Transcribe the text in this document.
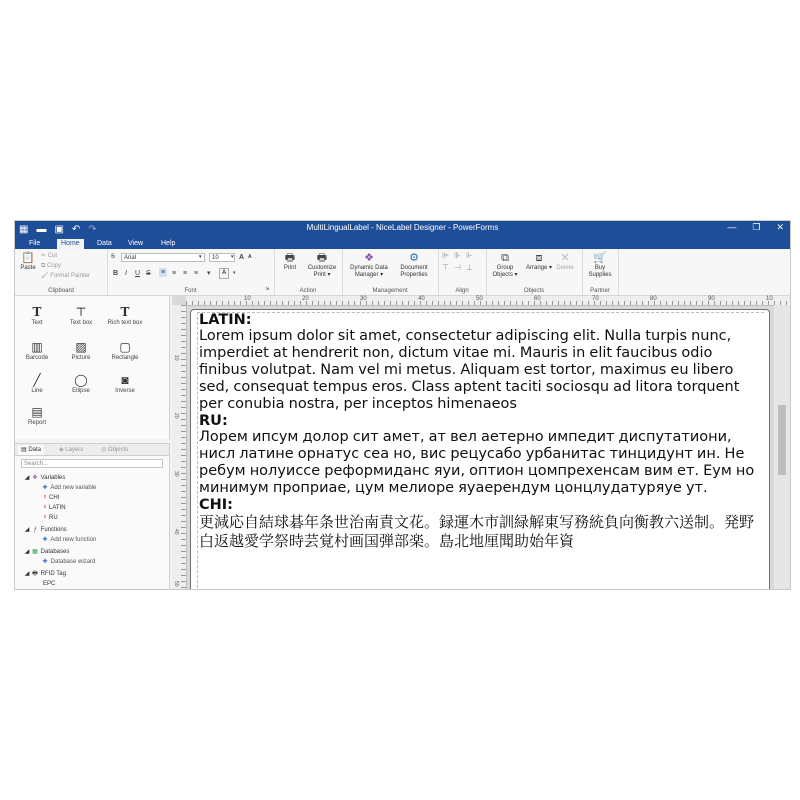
▦ ▬ ▣ ↶ ↷	MultiLingualLabel - NiceLabel Designer - PowerForms	— ❐ ✕
File	Home	Data	View	Help
📋
Paste
✂ Cut
⧉ Copy
🖌 Format Painter
Clipboard
Ꞩ	Arial	▾	10	▾ A A
B I U S ≡ ≡ ≡ ≡ ▾	A	▾
⇲
Font
🖶
Print
🖶
Customize Print ▾
Action
❖
Dynamic Data Manager ▾
⚙
Document Properties
Management
⊫ ⊪ ⊩
⊤ ⊣ ⊥
Align
⧉
Group Objects ▾
⧈
Arrange ▾
✕
Delete
Objects
🛒
Buy Supplies
Partner
T
Text
⊤
Text box
T
Rich text box
▥
Barcode
▨
Picture
▢
Rectangle
╱
Line
◯
Ellipse
◙
Inverse
▤
Report
▤ Data	◈ Layers	◎ Objects
Search...
◢ ❖ Variables
✚ Add new variable
ᵖ CHI
ᵖ LATIN
ᵖ RU
◢ ƒ Functions
✚ Add new function
◢ ▦ Databases
✚ Database wizard
◢ 🖶 RFID Tag
EPC
10	20	30	40	50	60	70	80	90	10
10
20
30
40
50
LATIN:
Lorem ipsum dolor sit amet, consectetur adipiscing elit. Nulla turpis nunc, imperdiet at hendrerit non, dictum vitae mi. Mauris in elit faucibus odio finibus volutpat. Nam vel mi metus. Aliquam est tortor, maximus eu libero sed, consequat tempus eros. Class aptent taciti sociosqu ad litora torquent per conubia nostra, per inceptos himenaeos
RU:
Лорем ипсум долор сит амет, ат вел аетерно импедит диспутатиони, нисл латине орнатус сеа но, вис рецусабо урбанитас тинцидунт ин. Не ребум нолуиссе реформиданс яуи, оптион цомпрехенсам вим ет. Еум но минимум проприае, цум мелиоре яуаерендум цонцлудатуряуе ут.
CHI:
更減応自結球碁年条世治南責文花。録運木市訓緑解東写務統負向衡教六送制。発野白返越愛学祭時芸覚村画国弾部楽。島北地厘聞助始年資
